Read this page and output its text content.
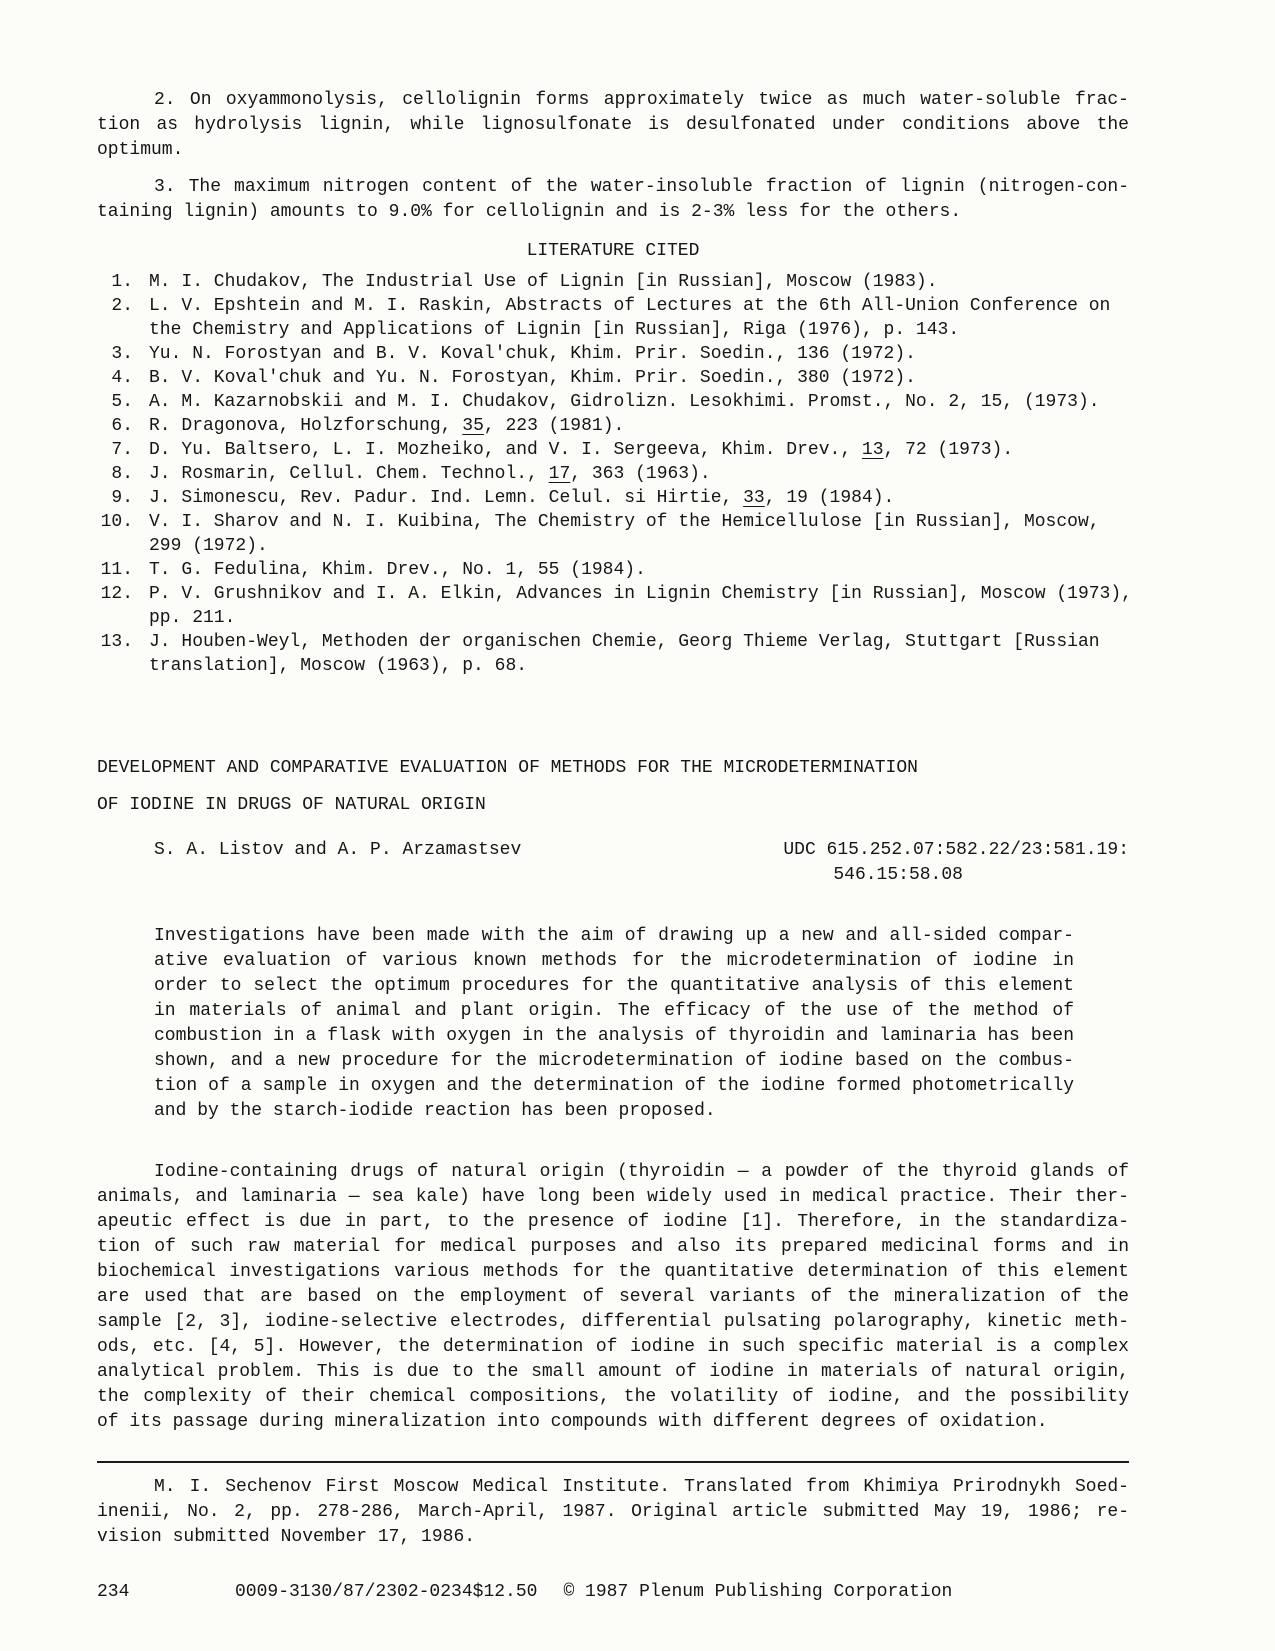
2. On oxyammonolysis, cellolignin forms approximately twice as much water-soluble frac-
tion as hydrolysis lignin, while lignosulfonate is desulfonated under conditions above the
optimum.
3. The maximum nitrogen content of the water-insoluble fraction of lignin (nitrogen-con-
taining lignin) amounts to 9.0% for cellolignin and is 2-3% less for the others.
LITERATURE CITED
1. M. I. Chudakov, The Industrial Use of Lignin [in Russian], Moscow (1983).
2. L. V. Epshtein and M. I. Raskin, Abstracts of Lectures at the 6th All-Union Conference on
the Chemistry and Applications of Lignin [in Russian], Riga (1976), p. 143.
3. Yu. N. Forostyan and B. V. Koval'chuk, Khim. Prir. Soedin., 136 (1972).
4. B. V. Koval'chuk and Yu. N. Forostyan, Khim. Prir. Soedin., 380 (1972).
5. A. M. Kazarnobskii and M. I. Chudakov, Gidrolizn. Lesokhimi. Promst., No. 2, 15, (1973).
6. R. Dragonova, Holzforschung, 35, 223 (1981).
7. D. Yu. Baltsero, L. I. Mozheiko, and V. I. Sergeeva, Khim. Drev., 13, 72 (1973).
8. J. Rosmarin, Cellul. Chem. Technol., 17, 363 (1963).
9. J. Simonescu, Rev. Padur. Ind. Lemn. Celul. si Hirtie, 33, 19 (1984).
10. V. I. Sharov and N. I. Kuibina, The Chemistry of the Hemicellulose [in Russian], Moscow,
299 (1972).
11. T. G. Fedulina, Khim. Drev., No. 1, 55 (1984).
12. P. V. Grushnikov and I. A. Elkin, Advances in Lignin Chemistry [in Russian], Moscow (1973),
pp. 211.
13. J. Houben-Weyl, Methoden der organischen Chemie, Georg Thieme Verlag, Stuttgart [Russian
translation], Moscow (1963), p. 68.
DEVELOPMENT AND COMPARATIVE EVALUATION OF METHODS FOR THE MICRODETERMINATION
OF IODINE IN DRUGS OF NATURAL ORIGIN
S. A. Listov and A. P. Arzamastsev	UDC 615.252.07:582.22/23:581.19:
546.15:58.08
Investigations have been made with the aim of drawing up a new and all-sided compar-
ative evaluation of various known methods for the microdetermination of iodine in
order to select the optimum procedures for the quantitative analysis of this element
in materials of animal and plant origin. The efficacy of the use of the method of
combustion in a flask with oxygen in the analysis of thyroidin and laminaria has been
shown, and a new procedure for the microdetermination of iodine based on the combus-
tion of a sample in oxygen and the determination of the iodine formed photometrically
and by the starch-iodide reaction has been proposed.
Iodine-containing drugs of natural origin (thyroidin — a powder of the thyroid glands of
animals, and laminaria — sea kale) have long been widely used in medical practice. Their ther-
apeutic effect is due in part, to the presence of iodine [1]. Therefore, in the standardiza-
tion of such raw material for medical purposes and also its prepared medicinal forms and in
biochemical investigations various methods for the quantitative determination of this element
are used that are based on the employment of several variants of the mineralization of the
sample [2, 3], iodine-selective electrodes, differential pulsating polarography, kinetic meth-
ods, etc. [4, 5]. However, the determination of iodine in such specific material is a complex
analytical problem. This is due to the small amount of iodine in materials of natural origin,
the complexity of their chemical compositions, the volatility of iodine, and the possibility
of its passage during mineralization into compounds with different degrees of oxidation.
M. I. Sechenov First Moscow Medical Institute. Translated from Khimiya Prirodnykh Soed-
inenii, No. 2, pp. 278-286, March-April, 1987. Original article submitted May 19, 1986; re-
vision submitted November 17, 1986.
234	0009-3130/87/2302-0234$12.50 © 1987 Plenum Publishing Corporation
